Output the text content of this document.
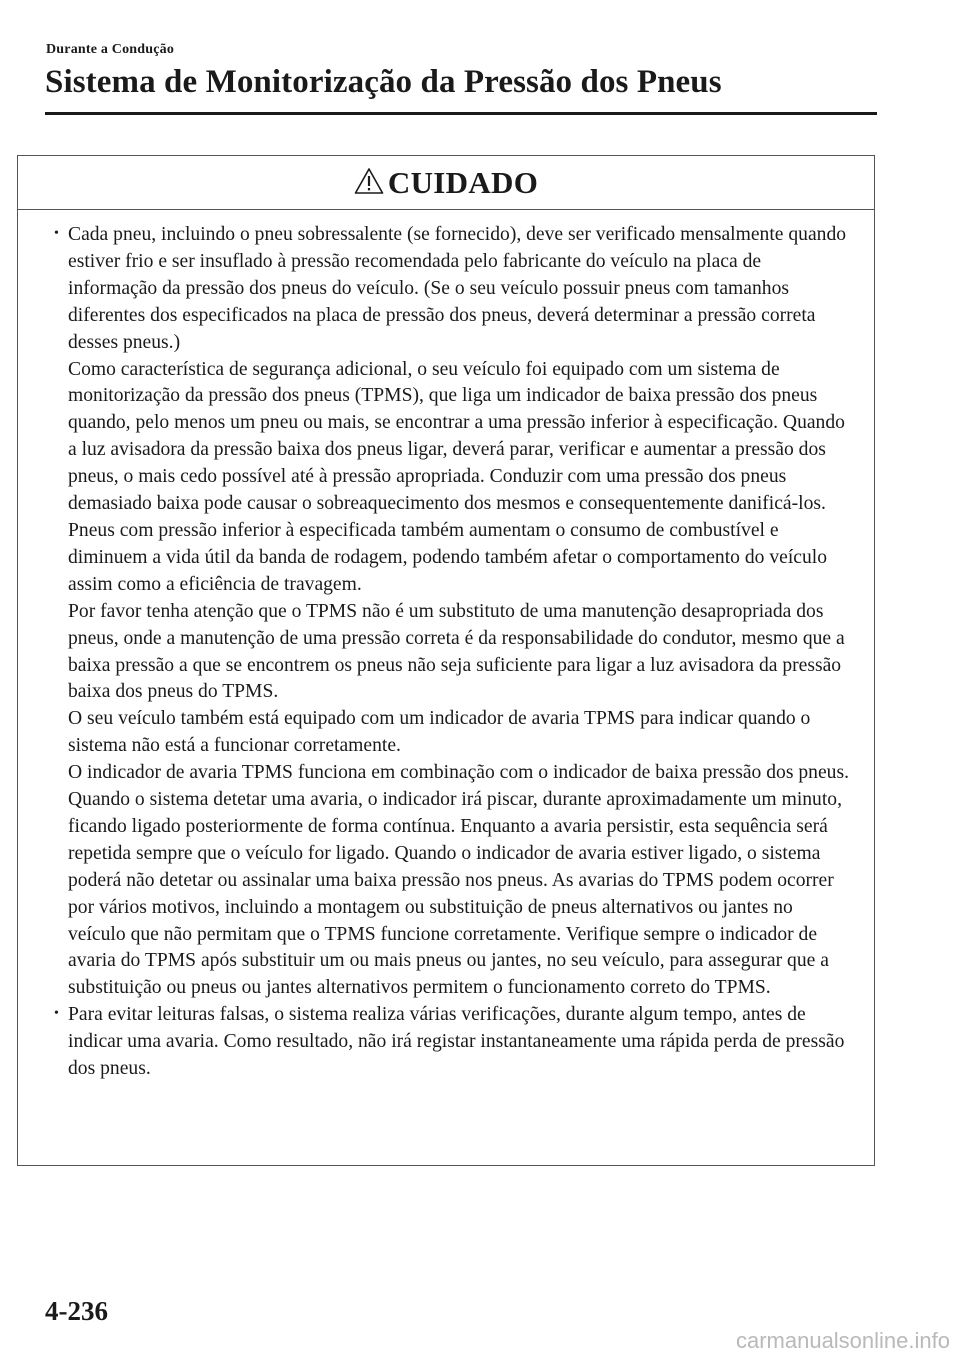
Durante a Condução
Sistema de Monitorização da Pressão dos Pneus
CUIDADO
• Cada pneu, incluindo o pneu sobressalente (se fornecido), deve ser verificado mensalmente quando estiver frio e ser insuflado à pressão recomendada pelo fabricante do veículo na placa de informação da pressão dos pneus do veículo. (Se o seu veículo possuir pneus com tamanhos diferentes dos especificados na placa de pressão dos pneus, deverá determinar a pressão correta desses pneus.)

Como característica de segurança adicional, o seu veículo foi equipado com um sistema de monitorização da pressão dos pneus (TPMS), que liga um indicador de baixa pressão dos pneus quando, pelo menos um pneu ou mais, se encontrar a uma pressão inferior à especificação. Quando a luz avisadora da pressão baixa dos pneus ligar, deverá parar, verificar e aumentar a pressão dos pneus, o mais cedo possível até à pressão apropriada. Conduzir com uma pressão dos pneus demasiado baixa pode causar o sobreaquecimento dos mesmos e consequentemente danificá-los. Pneus com pressão inferior à especificada também aumentam o consumo de combustível e diminuem a vida útil da banda de rodagem, podendo também afetar o comportamento do veículo assim como a eficiência de travagem.

Por favor tenha atenção que o TPMS não é um substituto de uma manutenção desapropriada dos pneus, onde a manutenção de uma pressão correta é da responsabilidade do condutor, mesmo que a baixa pressão a que se encontrem os pneus não seja suficiente para ligar a luz avisadora da pressão baixa dos pneus do TPMS.

O seu veículo também está equipado com um indicador de avaria TPMS para indicar quando o sistema não está a funcionar corretamente.

O indicador de avaria TPMS funciona em combinação com o indicador de baixa pressão dos pneus. Quando o sistema detetar uma avaria, o indicador irá piscar, durante aproximadamente um minuto, ficando ligado posteriormente de forma contínua. Enquanto a avaria persistir, esta sequência será repetida sempre que o veículo for ligado. Quando o indicador de avaria estiver ligado, o sistema poderá não detetar ou assinalar uma baixa pressão nos pneus. As avarias do TPMS podem ocorrer por vários motivos, incluindo a montagem ou substituição de pneus alternativos ou jantes no veículo que não permitam que o TPMS funcione corretamente. Verifique sempre o indicador de avaria do TPMS após substituir um ou mais pneus ou jantes, no seu veículo, para assegurar que a substituição ou pneus ou jantes alternativos permitem o funcionamento correto do TPMS.

• Para evitar leituras falsas, o sistema realiza várias verificações, durante algum tempo, antes de indicar uma avaria. Como resultado, não irá registar instantaneamente uma rápida perda de pressão dos pneus.

4-236
carmanualsonline.info
